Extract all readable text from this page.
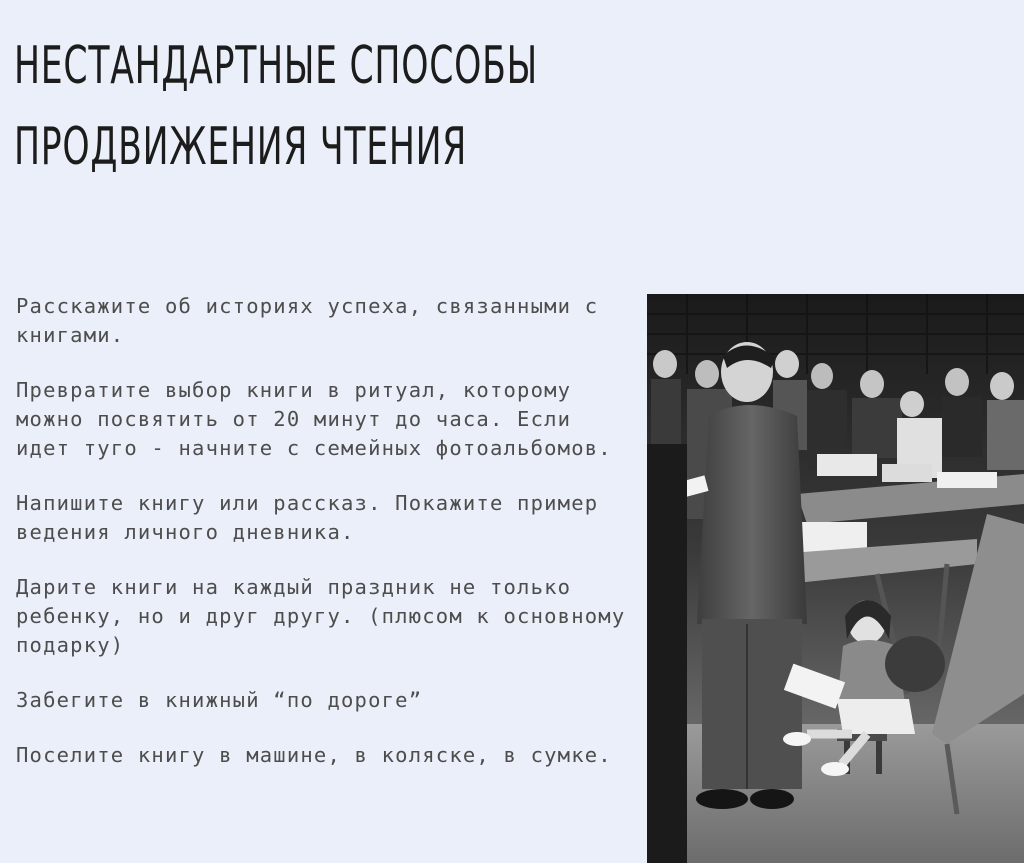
НЕСТАНДАРТНЫЕ СПОСОБЫ
ПРОДВИЖЕНИЯ ЧТЕНИЯ

Расскажите об историях успеха, связанными с книгами.

Превратите выбор книги в ритуал, которому можно посвятить от 20 минут до часа. Если идет туго - начните с семейных фотоальбомов.

Напишите книгу или рассказ. Покажите пример ведения личного дневника.

Дарите книги на каждый праздник не только ребенку, но и друг другу. (плюсом к основному подарку)

Забегите в книжный “по дороге”

Поселите книгу в машине, в коляске, в сумке.
